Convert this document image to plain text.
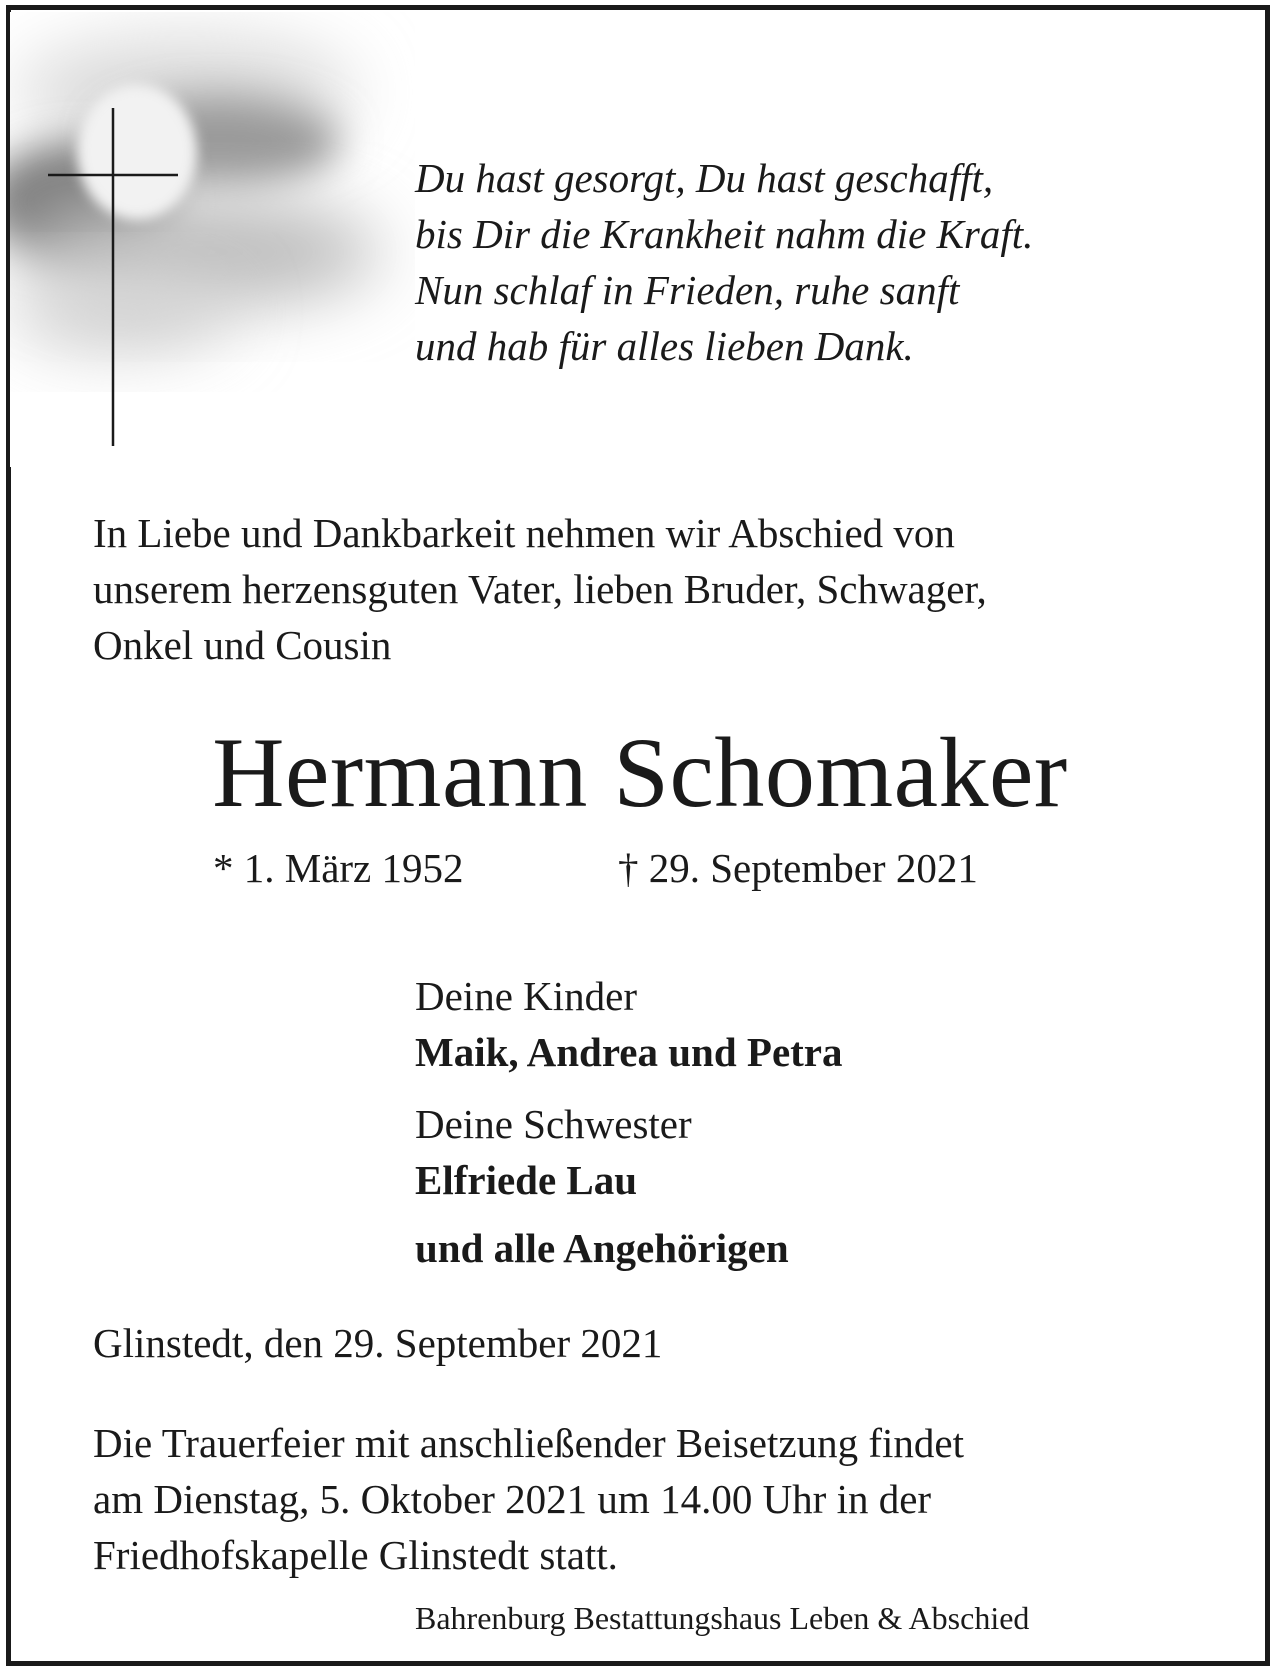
Du hast gesorgt, Du hast geschafft,
bis Dir die Krankheit nahm die Kraft.
Nun schlaf in Frieden, ruhe sanft
und hab für alles lieben Dank.

In Liebe und Dankbarkeit nehmen wir Abschied von
unserem herzensguten Vater, lieben Bruder, Schwager,
Onkel und Cousin

Hermann Schomaker
* 1. März 1952	† 29. September 2021
Deine Kinder
Maik, Andrea und Petra
Deine Schwester
Elfriede Lau
und alle Angehörigen
Glinstedt, den 29. September 2021

Die Trauerfeier mit anschließender Beisetzung findet
am Dienstag, 5. Oktober 2021 um 14.00 Uhr in der
Friedhofskapelle Glinstedt statt.

Bahrenburg Bestattungshaus Leben & Abschied
